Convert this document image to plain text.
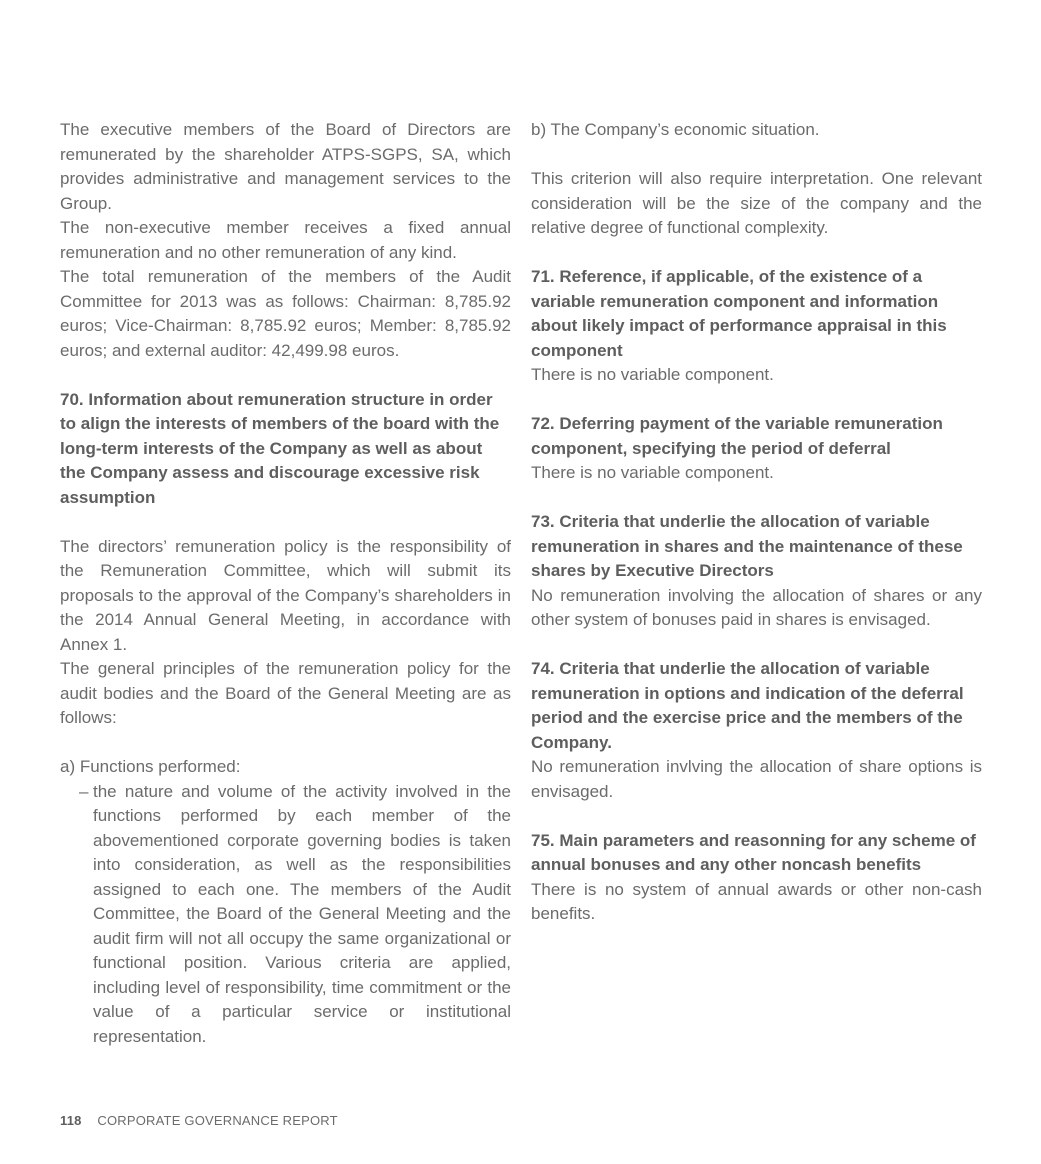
The executive members of the Board of Directors are remunerated by the shareholder ATPS-SGPS, SA, which provides administrative and management services to the Group.

The non-executive member receives a fixed annual remuneration and no other remuneration of any kind.

The total remuneration of the members of the Audit Committee for 2013 was as follows: Chairman: 8,785.92 euros; Vice-Chairman: 8,785.92 euros; Member: 8,785.92 euros; and external auditor: 42,499.98 euros.

70. Information about remuneration structure in order to align the interests of members of the board with the long-term interests of the Company as well as about the Company assess and discourage excessive risk assumption

The directors’ remuneration policy is the responsibility of the Remuneration Committee, which will submit its proposals to the approval of the Company’s shareholders in the 2014 Annual General Meeting, in accordance with Annex 1.

The general principles of the remuneration policy for the audit bodies and the Board of the General Meeting are as follows:

a) Functions performed:

– the nature and volume of the activity involved in the functions performed by each member of the abovementioned corporate governing bodies is taken into consideration, as well as the responsibilities assigned to each one. The members of the Audit Committee, the Board of the General Meeting and the audit firm will not all occupy the same organizational or functional position. Various criteria are applied, including level of responsibility, time commitment or the value of a particular service or institutional representation.

b) The Company’s economic situation.

This criterion will also require interpretation. One relevant consideration will be the size of the company and the relative degree of functional complexity.

71. Reference, if applicable, of the existence of a variable remuneration component and information about likely impact of performance appraisal in this component

There is no variable component.

72. Deferring payment of the variable remuneration component, specifying the period of deferral

There is no variable component.

73. Criteria that underlie the allocation of variable remuneration in shares and the maintenance of these shares by Executive Directors

No remuneration involving the allocation of shares or any other system of bonuses paid in shares is envisaged.

74. Criteria that underlie the allocation of variable remuneration in options and indication of the deferral period and the exercise price and the members of the Company.

No remuneration invlving the allocation of share options is envisaged.

75. Main parameters and reasonning for any scheme of annual bonuses and any other noncash benefits

There is no system of annual awards or other non-cash benefits.

118 CORPORATE GOVERNANCE REPORT
